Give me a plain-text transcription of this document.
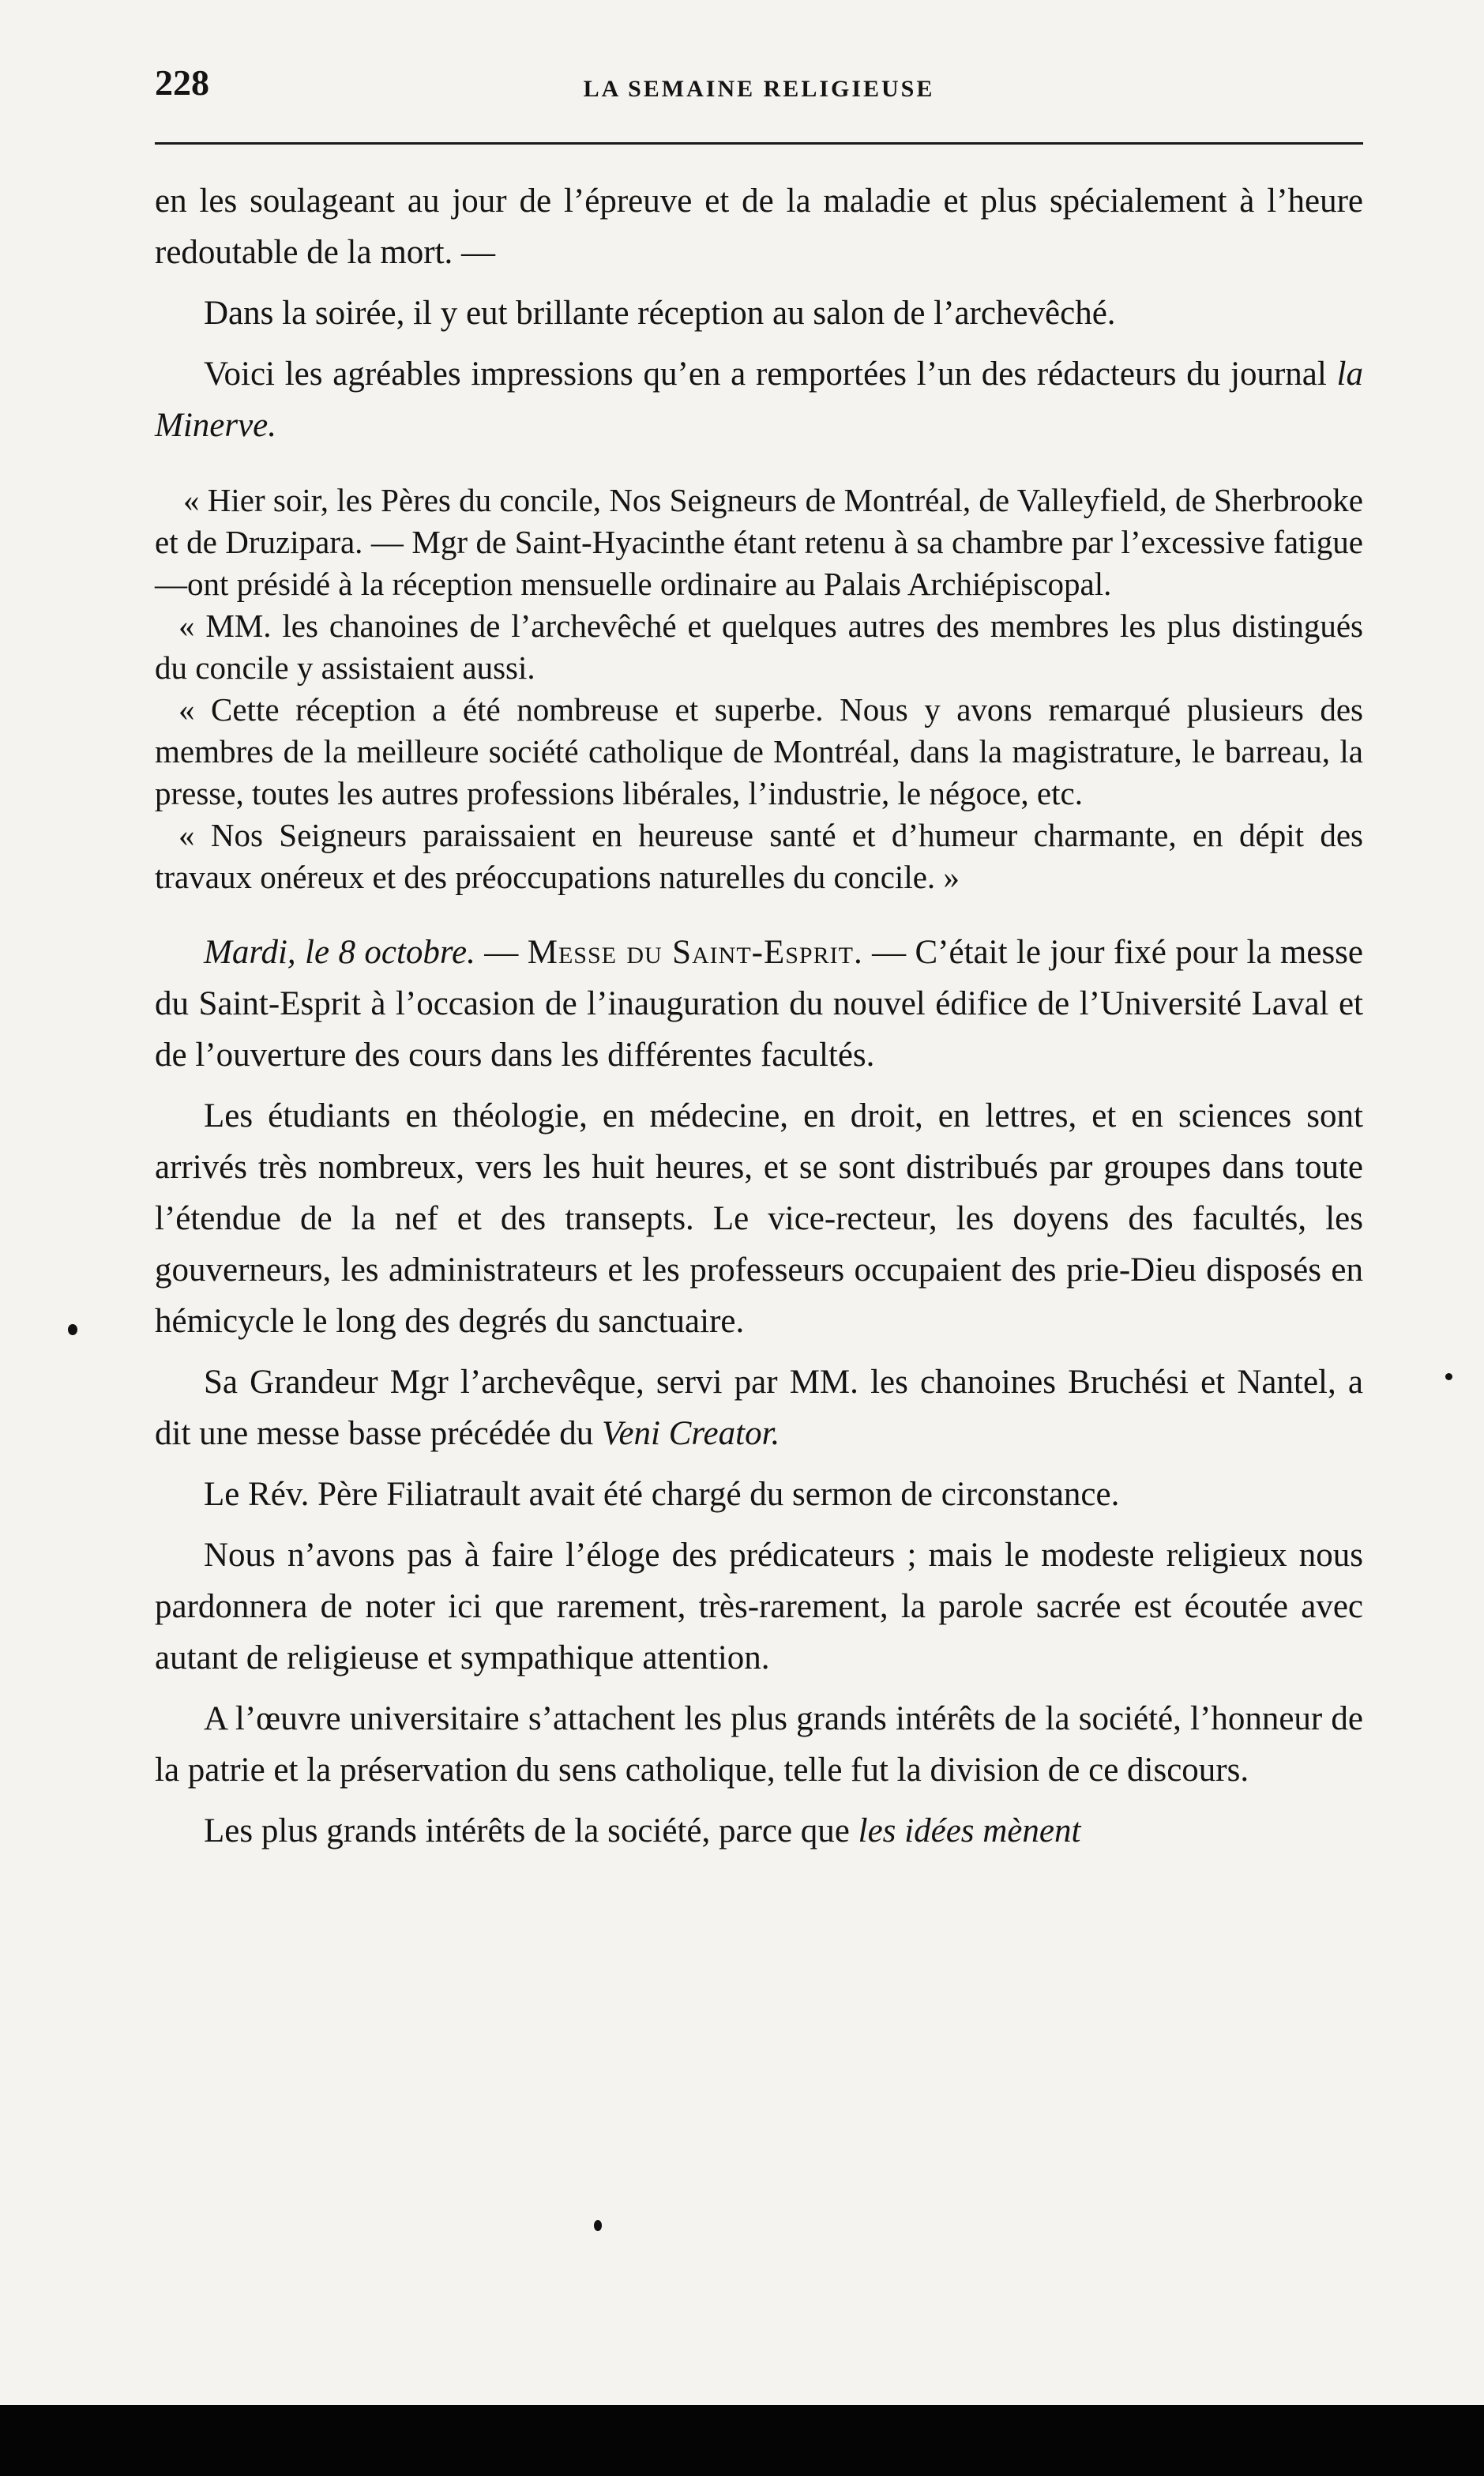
228	LA SEMAINE RELIGIEUSE

en les soulageant au jour de l’épreuve et de la maladie et plus spécialement à l’heure redoutable de la mort. —

Dans la soirée, il y eut brillante réception au salon de l’archevêché.

Voici les agréables impressions qu’en a remportées l’un des rédacteurs du journal la Minerve.

« Hier soir, les Pères du concile, Nos Seigneurs de Montréal, de Valleyfield, de Sherbrooke et de Druzipara. — Mgr de Saint-Hyacinthe étant retenu à sa chambre par l’excessive fatigue—ont présidé à la réception mensuelle ordinaire au Palais Archiépiscopal.

« MM. les chanoines de l’archevêché et quelques autres des membres les plus distingués du concile y assistaient aussi.

« Cette réception a été nombreuse et superbe. Nous y avons remarqué plusieurs des membres de la meilleure société catholique de Montréal, dans la magistrature, le barreau, la presse, toutes les autres professions libérales, l’industrie, le négoce, etc.

« Nos Seigneurs paraissaient en heureuse santé et d’humeur charmante, en dépit des travaux onéreux et des préoccupations naturelles du concile. »

Mardi, le 8 octobre. — Messe du Saint-Esprit. — C’était le jour fixé pour la messe du Saint-Esprit à l’occasion de l’inauguration du nouvel édifice de l’Université Laval et de l’ouverture des cours dans les différentes facultés.

Les étudiants en théologie, en médecine, en droit, en lettres, et en sciences sont arrivés très nombreux, vers les huit heures, et se sont distribués par groupes dans toute l’étendue de la nef et des transepts. Le vice-recteur, les doyens des facultés, les gouverneurs, les administrateurs et les professeurs occupaient des prie-Dieu disposés en hémicycle le long des degrés du sanctuaire.

Sa Grandeur Mgr l’archevêque, servi par MM. les chanoines Bruchési et Nantel, a dit une messe basse précédée du Veni Creator.

Le Rév. Père Filiatrault avait été chargé du sermon de circonstance.

Nous n’avons pas à faire l’éloge des prédicateurs ; mais le modeste religieux nous pardonnera de noter ici que rarement, très-rarement, la parole sacrée est écoutée avec autant de religieuse et sympathique attention.

A l’œuvre universitaire s’attachent les plus grands intérêts de la société, l’honneur de la patrie et la préservation du sens catholique, telle fut la division de ce discours.

Les plus grands intérêts de la société, parce que les idées mènent
